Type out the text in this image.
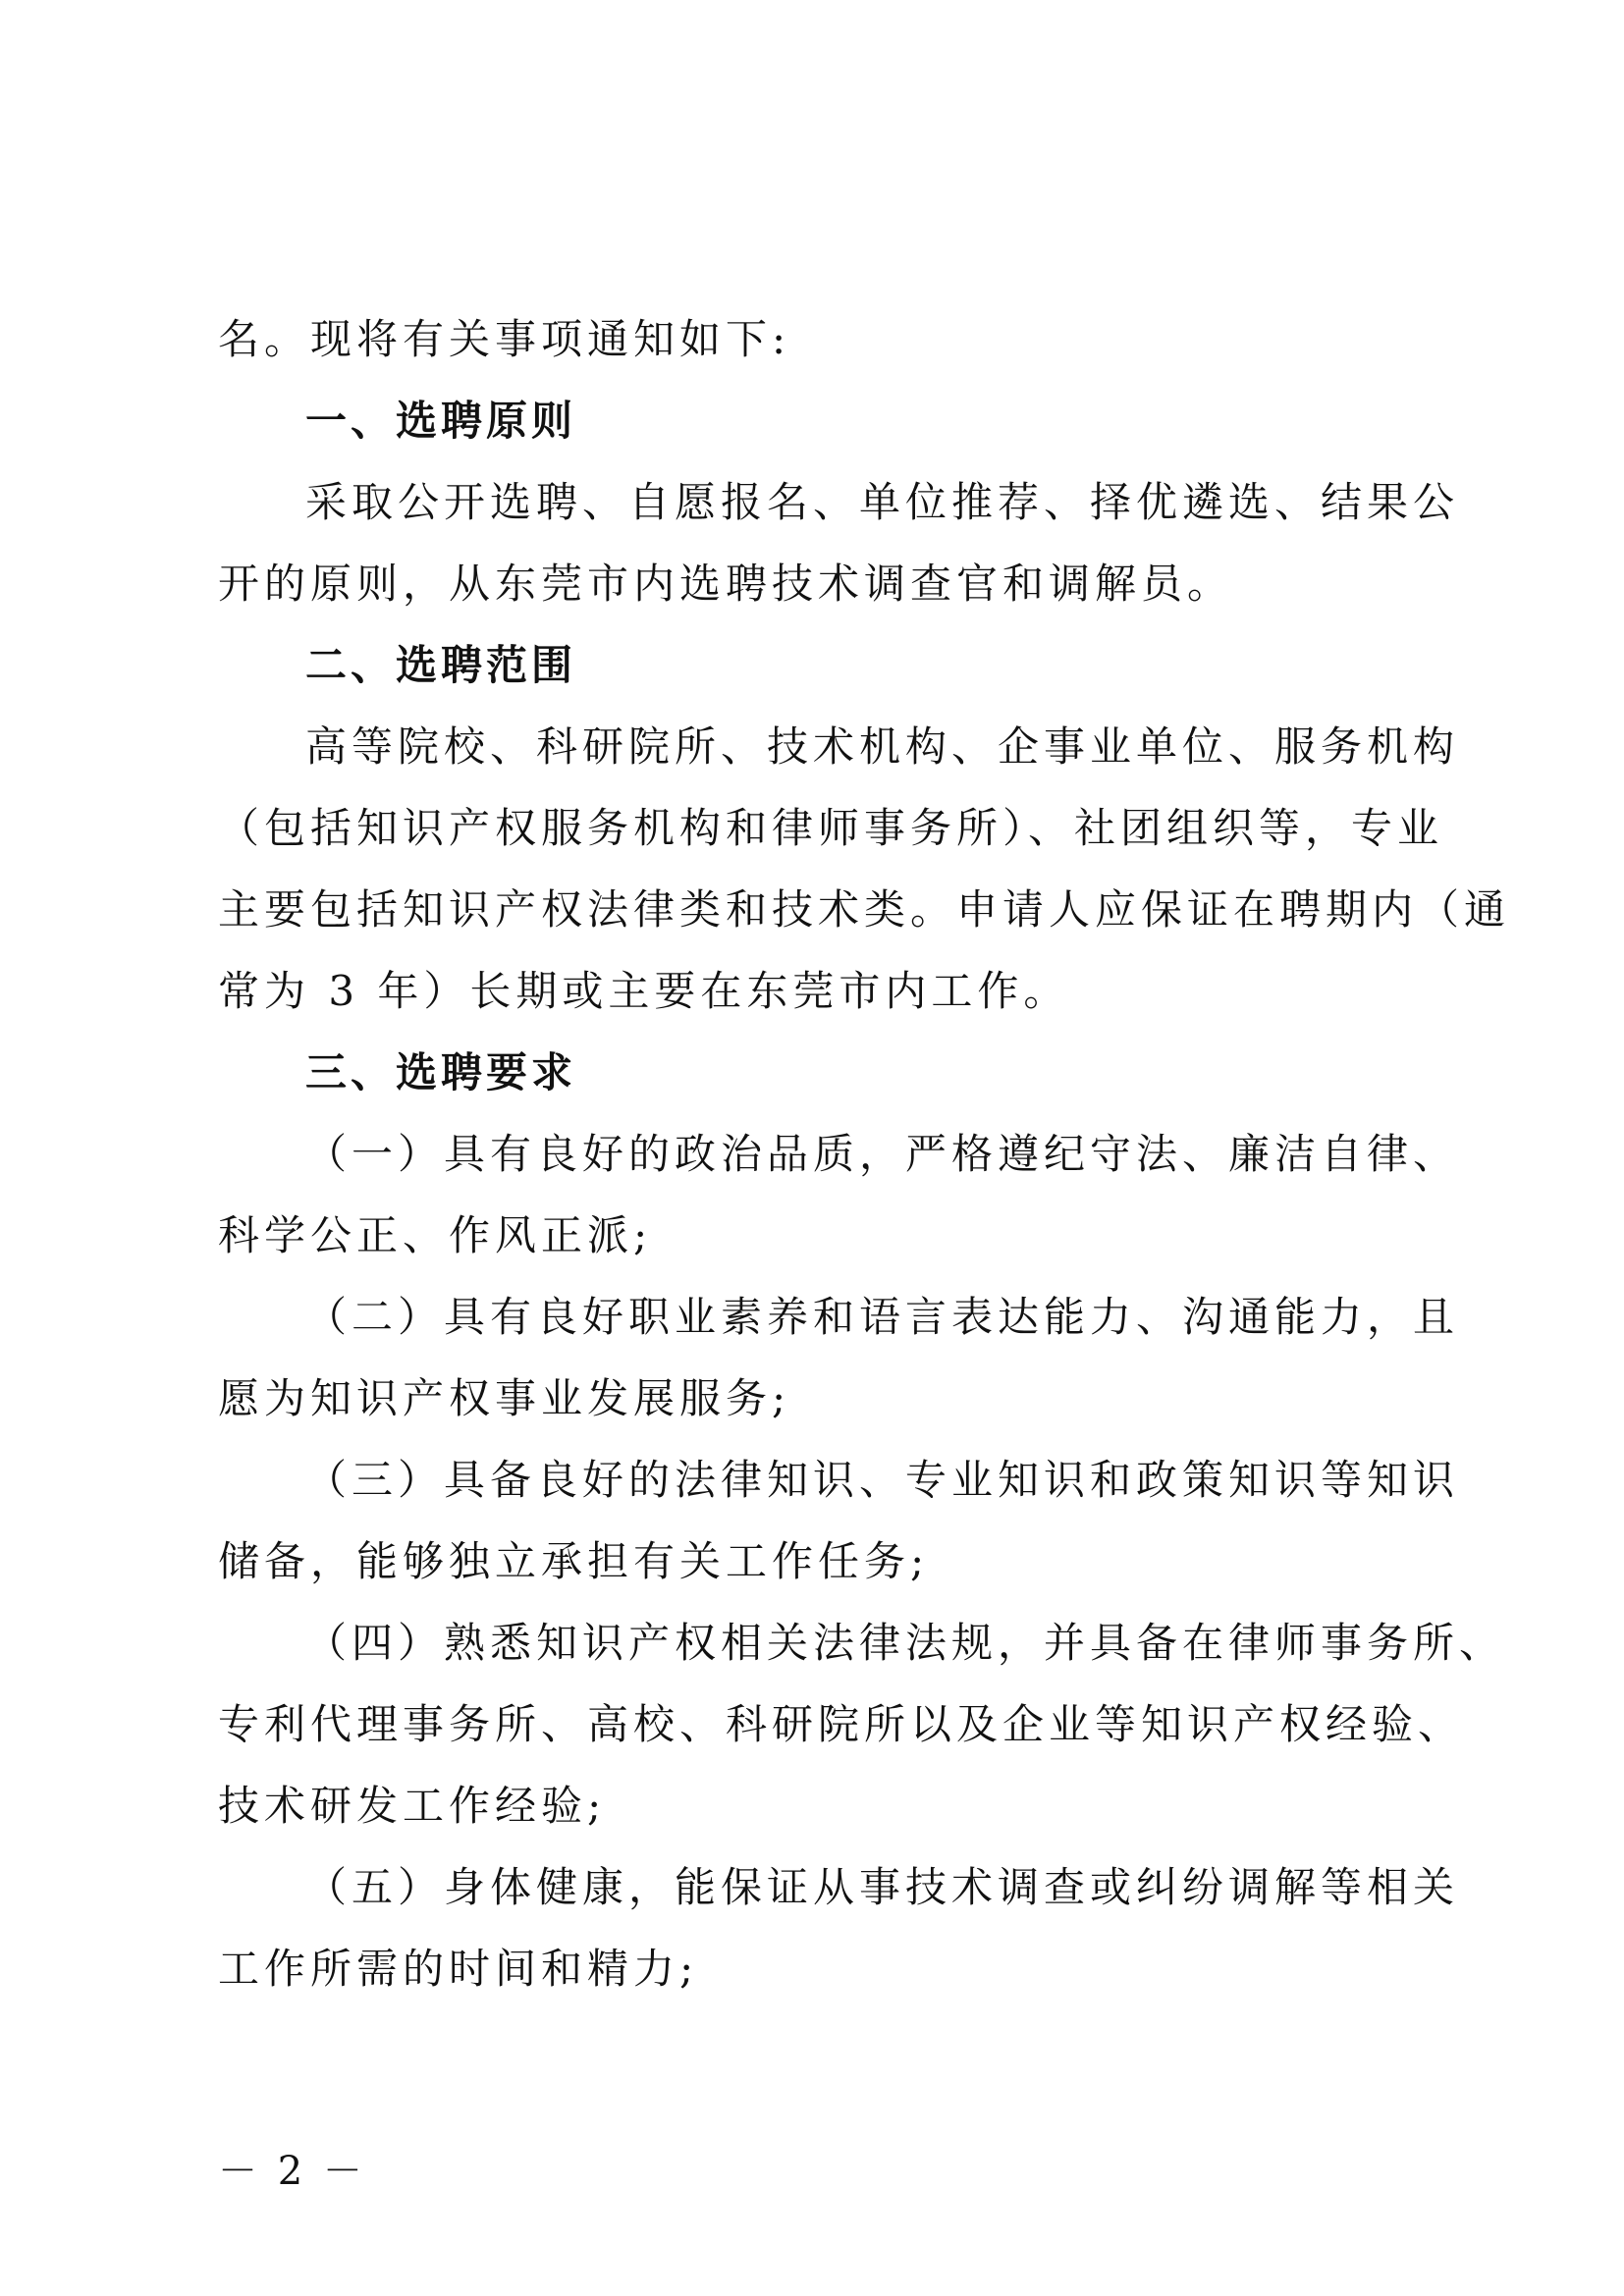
名。现将有关事项通知如下:
一、选聘原则
采取公开选聘、自愿报名、单位推荐、择优遴选、结果公
开的原则，从东莞市内选聘技术调查官和调解员。
二、选聘范围
高等院校、科研院所、技术机构、企事业单位、服务机构
（包括知识产权服务机构和律师事务所）、社团组织等，专业
主要包括知识产权法律类和技术类。申请人应保证在聘期内（通
常为 3 年）长期或主要在东莞市内工作。
三、选聘要求
（一）具有良好的政治品质，严格遵纪守法、廉洁自律、
科学公正、作风正派;
（二）具有良好职业素养和语言表达能力、沟通能力，且
愿为知识产权事业发展服务;
（三）具备良好的法律知识、专业知识和政策知识等知识
储备，能够独立承担有关工作任务;
（四）熟悉知识产权相关法律法规，并具备在律师事务所、
专利代理事务所、高校、科研院所以及企业等知识产权经验、
技术研发工作经验;
（五）身体健康，能保证从事技术调查或纠纷调解等相关
工作所需的时间和精力;
－ 2 －
